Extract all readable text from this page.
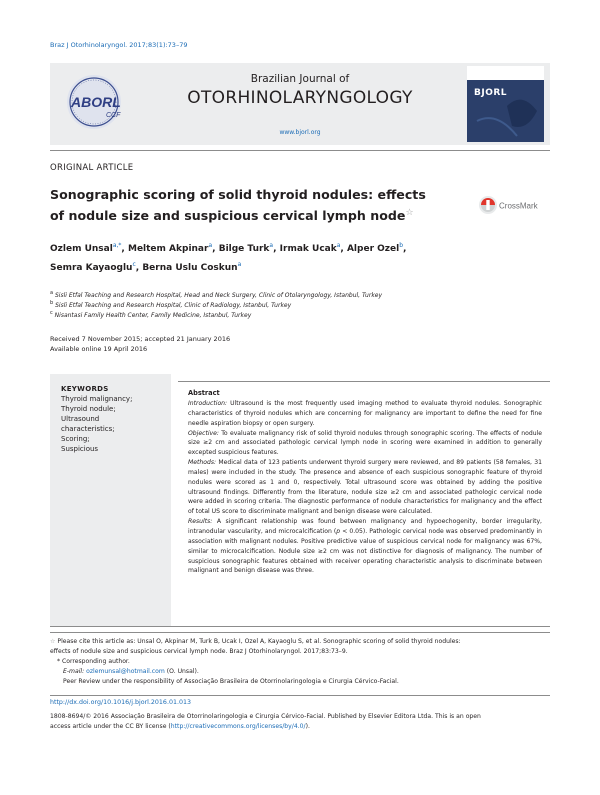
Braz J Otorhinolaryngol. 2017;83(1):73–79
ABORL
CCF
Brazilian Journal of
OTORHINOLARYNGOLOGY
www.bjorl.org
BJORL
ORIGINAL ARTICLE
Sonographic scoring of solid thyroid nodules: effects
of nodule size and suspicious cervical lymph node☆
CrossMark
Ozlem Unsal$^{a,*}$, Meltem Akpinar$^a$, Bilge Turk$^a$, Irmak Ucak$^a$, Alper Ozel$^b$,
Semra Kayaoglu$^c$, Berna Uslu Coskun$^a$
$^a$ Sisli Etfal Teaching and Research Hospital, Head and Neck Surgery, Clinic of Otolaryngology, Istanbul, Turkey
$^b$ Sisli Etfal Teaching and Research Hospital, Clinic of Radiology, Istanbul, Turkey
$^c$ Nisantasi Family Health Center, Family Medicine, Istanbul, Turkey
Received 7 November 2015; accepted 21 January 2016
Available online 19 April 2016
KEYWORDS
Thyroid malignancy;
Thyroid nodule;
Ultrasound
characteristics;
Scoring;
Suspicious
Abstract

Introduction: Ultrasound is the most frequently used imaging method to evaluate thyroid nodules. Sonographic characteristics of thyroid nodules which are concerning for malignancy are important to define the need for fine needle aspiration biopsy or open surgery.

Objective: To evaluate malignancy risk of solid thyroid nodules through sonographic scoring. The effects of nodule size ≥2 cm and associated pathologic cervical lymph node in scoring were examined in addition to generally excepted suspicious features.

Methods: Medical data of 123 patients underwent thyroid surgery were reviewed, and 89 patients (58 females, 31 males) were included in the study. The presence and absence of each suspicious sonographic feature of thyroid nodules were scored as 1 and 0, respectively. Total ultrasound score was obtained by adding the positive ultrasound findings. Differently from the literature, nodule size ≥2 cm and associated pathologic cervical node were added in scoring criteria. The diagnostic performance of nodule characteristics for malignancy and the effect of total US score to discriminate malignant and benign disease were calculated.

Results: A significant relationship was found between malignancy and hypoechogenity, border irregularity, intranodular vascularity, and microcalcification (p < 0.05). Pathologic cervical node was observed predominantly in association with malignant nodules. Positive predictive value of suspicious cervical node for malignancy was 67%, similar to microcalcification. Nodule size ≥2 cm was not distinctive for diagnosis of malignancy. The number of suspicious sonographic features obtained with receiver operating characteristic analysis to discriminate between malignant and benign disease was three.

☆ Please cite this article as: Unsal O, Akpinar M, Turk B, Ucak I, Ozel A, Kayaoglu S, et al. Sonographic scoring of solid thyroid nodules:
effects of nodule size and suspicious cervical lymph node. Braz J Otorhinolaryngol. 2017;83:73–9.
* Corresponding author.
E-mail: ozlemunsal@hotmail.com (O. Unsal).
Peer Review under the responsibility of Associação Brasileira de Otorrinolaringologia e Cirurgia Cérvico-Facial.
http://dx.doi.org/10.1016/j.bjorl.2016.01.013
1808-8694/© 2016 Associação Brasileira de Otorrinolaringologia e Cirurgia Cérvico-Facial. Published by Elsevier Editora Ltda. This is an open
access article under the CC BY license (http://creativecommons.org/licenses/by/4.0/).
